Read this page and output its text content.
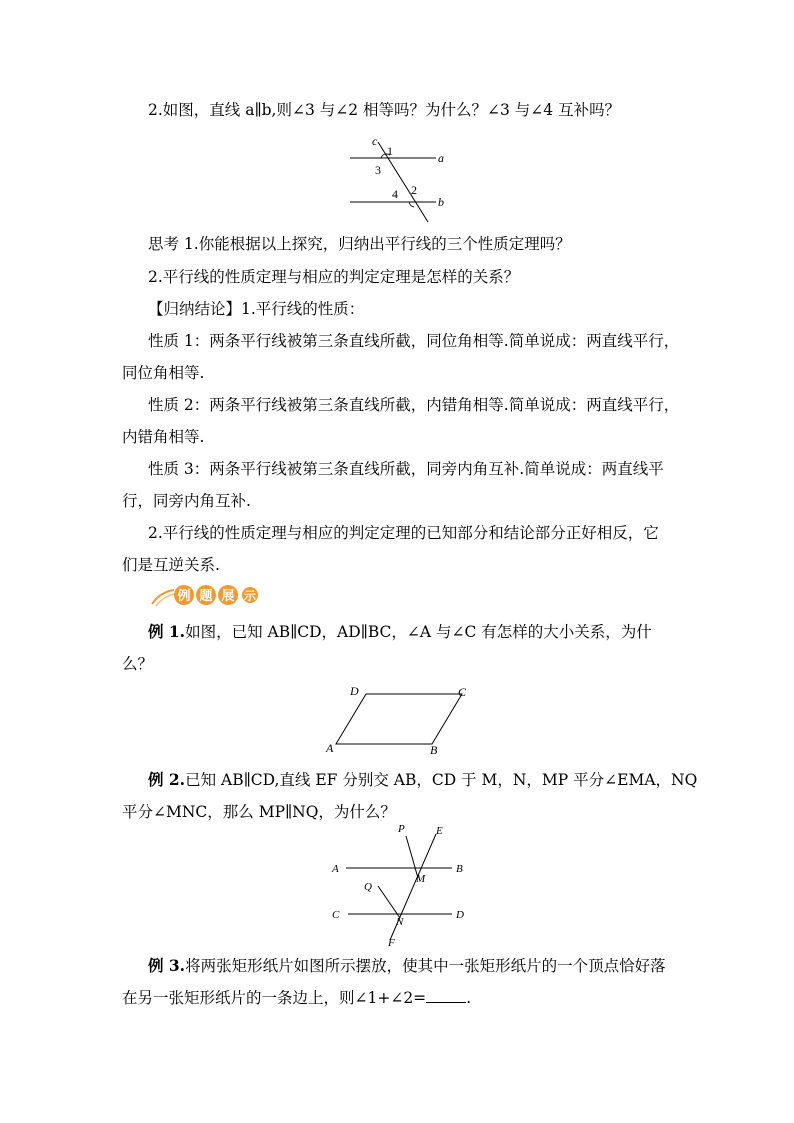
2.如图，直线 a∥b,则∠3 与∠2 相等吗？为什么？∠3 与∠4 互补吗？
c
1
3
a
4 2
b
思考 1.你能根据以上探究，归纳出平行线的三个性质定理吗？
2.平行线的性质定理与相应的判定定理是怎样的关系？
【归纳结论】1.平行线的性质：
性质 1：两条平行线被第三条直线所截，同位角相等.简单说成：两直线平行，
同位角相等.
性质 2：两条平行线被第三条直线所截，内错角相等.简单说成：两直线平行，
内错角相等.
性质 3：两条平行线被第三条直线所截，同旁内角互补.简单说成：两直线平
行，同旁内角互补.
2.平行线的性质定理与相应的判定定理的已知部分和结论部分正好相反，它
们是互逆关系.
例 题 展 示
例 1.如图，已知 AB∥CD，AD∥BC，∠A 与∠C 有怎样的大小关系，为什
么？
A	B
C
D
例 2.已知 AB∥CD,直线 EF 分别交 AB，CD 于 M，N，MP 平分∠EMA，NQ
平分∠MNC，那么 MP∥NQ，为什么？
P	E
A	B
M
Q
C
N
D
F
例 3.将两张矩形纸片如图所示摆放，使其中一张矩形纸片的一个顶点恰好落
在另一张矩形纸片的一条边上，则∠1+∠2=	.
